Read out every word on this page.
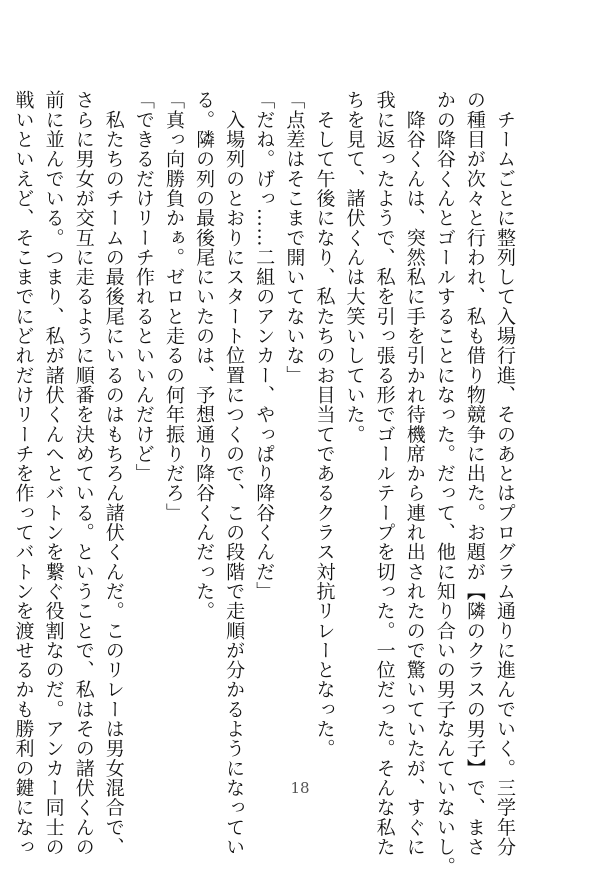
　チームごとに整列して入場行進、そのあとはプログラム通りに進んでいく。三学年分
の種目が次々と行われ、私も借り物競争に出た。お題が【隣のクラスの男子】で、まさ
かの降谷くんとゴールすることになった。だって、他に知り合いの男子なんていないし。
　降谷くんは、突然私に手を引かれ待機席から連れ出されたので驚いていたが、すぐに
我に返ったようで、私を引っ張る形でゴールテープを切った。一位だった。そんな私た
ちを見て、諸伏くんは大笑いしていた。
　そして午後になり、私たちのお目当てであるクラス対抗リレーとなった。
「点差はそこまで開いてないな」
「だね。げっ……二組のアンカー、やっぱり降谷くんだ」
　入場列のとおりにスタート位置につくので、この段階で走順が分かるようになってい
る。隣の列の最後尾にいたのは、予想通り降谷くんだった。
「真っ向勝負かぁ。ゼロと走るの何年振りだろ」
「できるだけリーチ作れるといいんだけど」
　私たちのチームの最後尾にいるのはもちろん諸伏くんだ。このリレーは男女混合で、
さらに男女が交互に走るように順番を決めている。ということで、私はその諸伏くんの
前に並んでいる。つまり、私が諸伏くんへとバトンを繋ぐ役割なのだ。アンカー同士の
戦いといえど、そこまでにどれだけリーチを作ってバトンを渡せるかも勝利の鍵になっ	18
